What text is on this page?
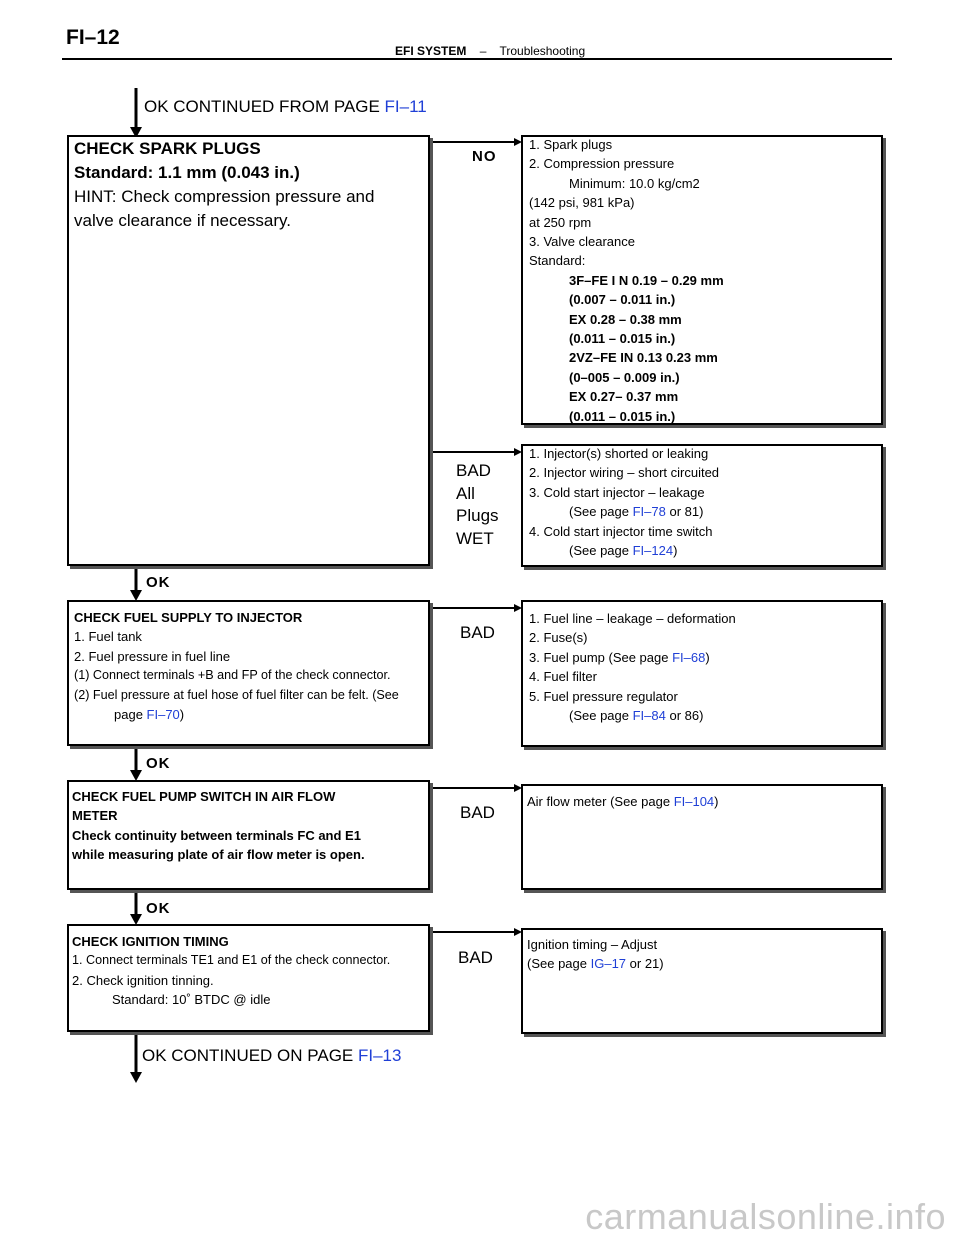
FI–12
EFI SYSTEM – Troubleshooting
OK CONTINUED FROM PAGE FI–11
CHECK SPARK PLUGS
Standard: 1.1 mm (0.043 in.)
HINT: Check compression pressure and
valve clearance if necessary.
NO
1. Spark plugs
2. Compression pressure
Minimum: 10.0 kg/cm2
(142 psi, 981 kPa)
at 250 rpm
3. Valve clearance
Standard:
3F–FE I N 0.19 – 0.29 mm
(0.007 – 0.011 in.)
EX 0.28 – 0.38 mm
(0.011 – 0.015 in.)
2VZ–FE IN 0.13 0.23 mm
(0–005 – 0.009 in.)
EX 0.27– 0.37 mm
(0.011 – 0.015 in.)
BAD
All
Plugs
WET
1. Injector(s) shorted or leaking
2. Injector wiring – short circuited
3. Cold start injector – leakage
(See page FI–78 or 81)
4. Cold start injector time switch
(See page FI–124)
OK
CHECK FUEL SUPPLY TO INJECTOR
1. Fuel tank
2. Fuel pressure in fuel line
(1) Connect terminals +B and FP of the check connector.
(2) Fuel pressure at fuel hose of fuel filter can be felt. (See
page FI–70)
BAD
1. Fuel line – leakage – deformation
2. Fuse(s)
3. Fuel pump (See page FI–68)
4. Fuel filter
5. Fuel pressure regulator
(See page FI–84 or 86)
OK
CHECK FUEL PUMP SWITCH IN AIR FLOW
METER
Check continuity between terminals FC and E1
while measuring plate of air flow meter is open.
BAD
Air flow meter (See page FI–104)
OK
CHECK IGNITION TIMING
1. Connect terminals TE1 and E1 of the check connector.
2. Check ignition tinning.
Standard: 10˚ BTDC @ idle
BAD
Ignition timing – Adjust
(See page IG–17 or 21)
OK CONTINUED ON PAGE FI–13
carmanualsonline.info
